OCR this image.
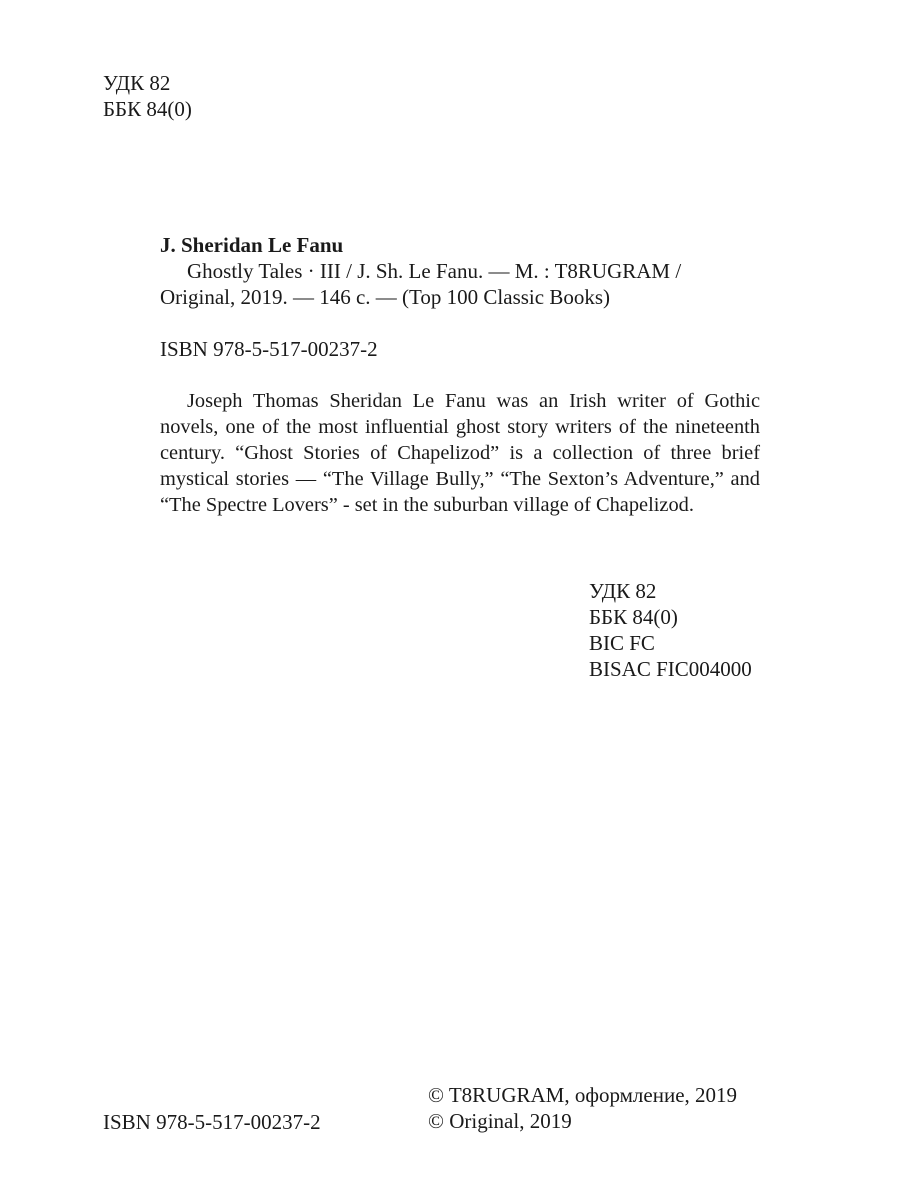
УДК 82
ББК 84(0)
J. Sheridan Le Fanu
Ghostly Tales · III / J. Sh. Le Fanu. — M. : T8RUGRAM / Original, 2019. — 146 с. — (Top 100 Classic Books)
ISBN 978-5-517-00237-2
Joseph Thomas Sheridan Le Fanu was an Irish writer of Gothic novels, one of the most influential ghost story writers of the nineteenth century. “Ghost Stories of Chapelizod” is a collection of three brief mystical stories — “The Village Bully,” “The Sexton’s Adventure,” and “The Spectre Lovers” - set in the suburban village of Chapelizod.
УДК 82
ББК 84(0)
BIC FC
BISAC FIC004000
ISBN 978-5-517-00237-2
© T8RUGRAM, оформление, 2019
© Original, 2019
